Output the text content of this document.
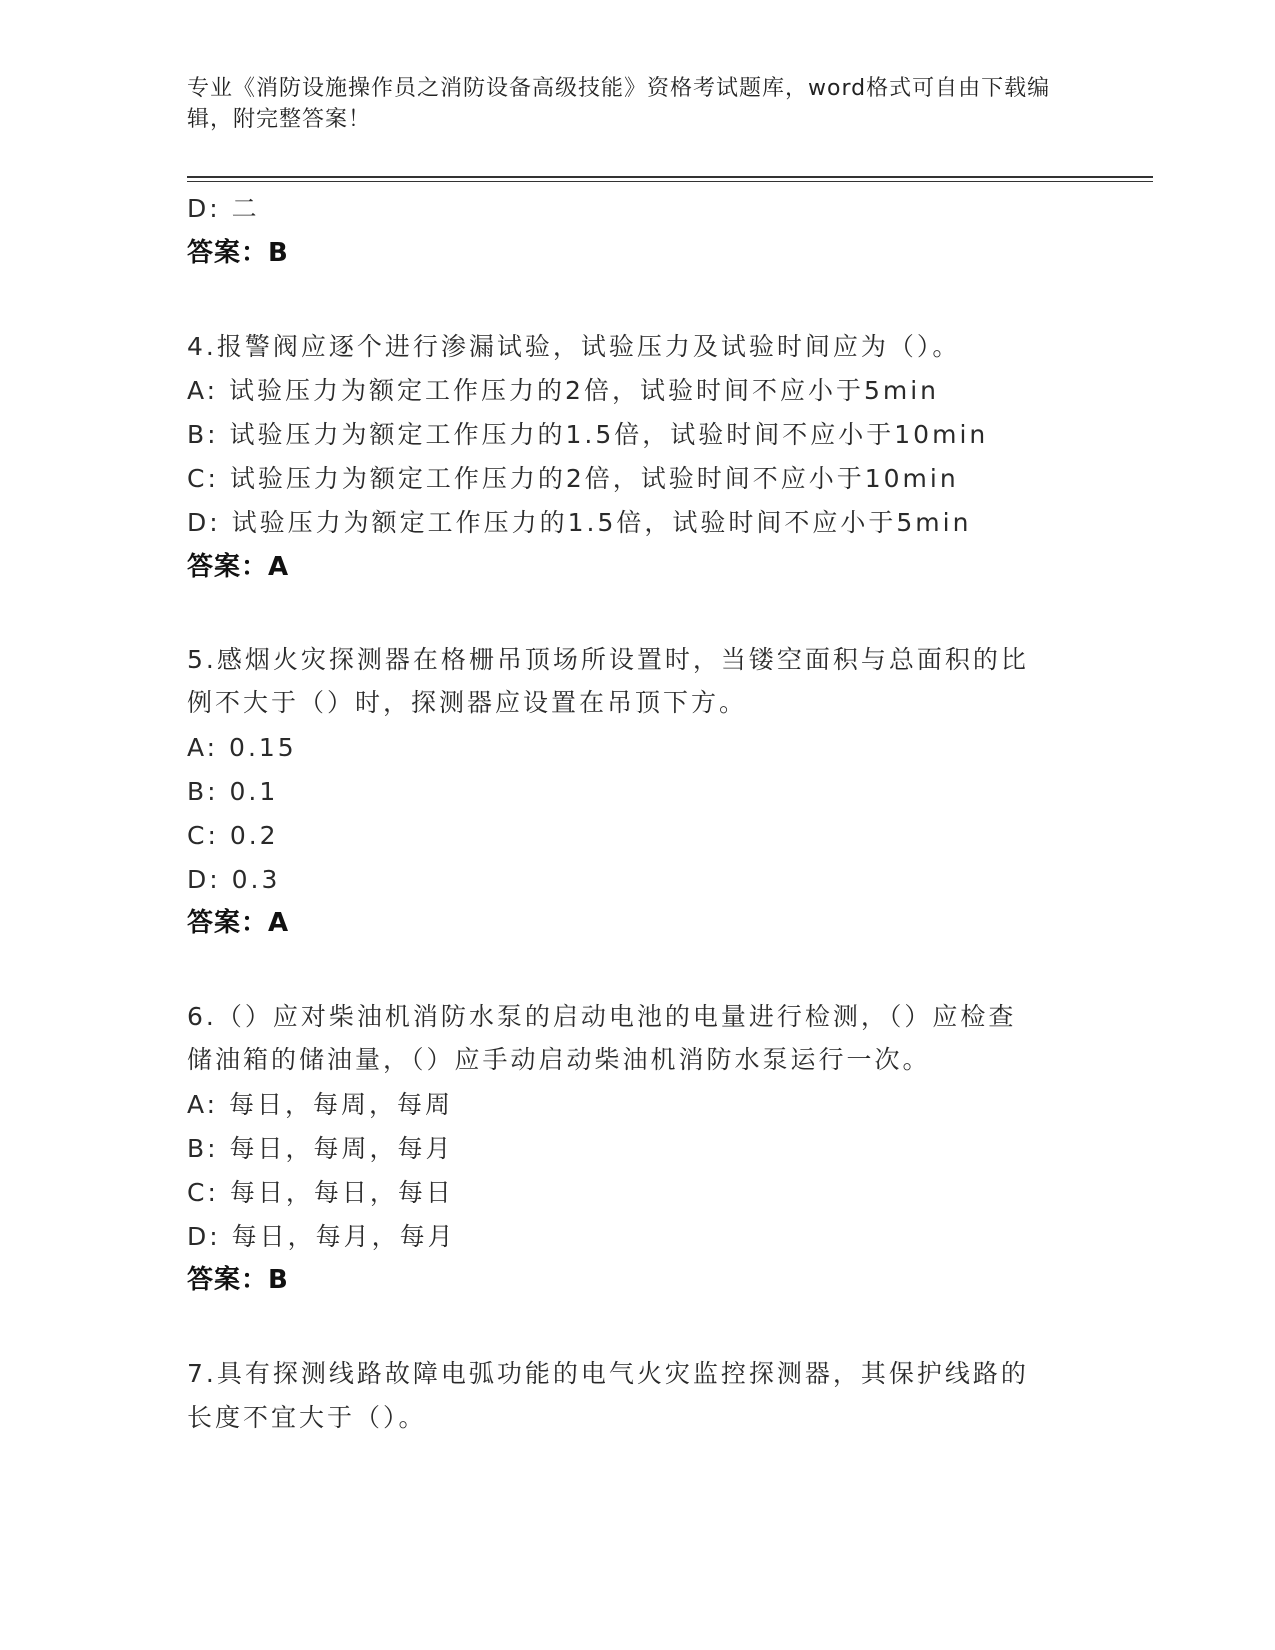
专业《消防设施操作员之消防设备高级技能》资格考试题库，word格式可自由下载编辑，附完整答案！
D: 二
答案：B
4.报警阀应逐个进行渗漏试验，试验压力及试验时间应为（）。
A: 试验压力为额定工作压力的2倍，试验时间不应小于5min
B: 试验压力为额定工作压力的1.5倍，试验时间不应小于10min
C: 试验压力为额定工作压力的2倍，试验时间不应小于10min
D: 试验压力为额定工作压力的1.5倍，试验时间不应小于5min
答案：A
5.感烟火灾探测器在格栅吊顶场所设置时，当镂空面积与总面积的比
例不大于（）时，探测器应设置在吊顶下方。
A: 0.15
B: 0.1
C: 0.2
D: 0.3
答案：A
6.（）应对柴油机消防水泵的启动电池的电量进行检测，（）应检查
储油箱的储油量，（）应手动启动柴油机消防水泵运行一次。
A: 每日，每周，每周
B: 每日，每周，每月
C: 每日，每日，每日
D: 每日，每月，每月
答案：B
7.具有探测线路故障电弧功能的电气火灾监控探测器，其保护线路的
长度不宜大于（）。
